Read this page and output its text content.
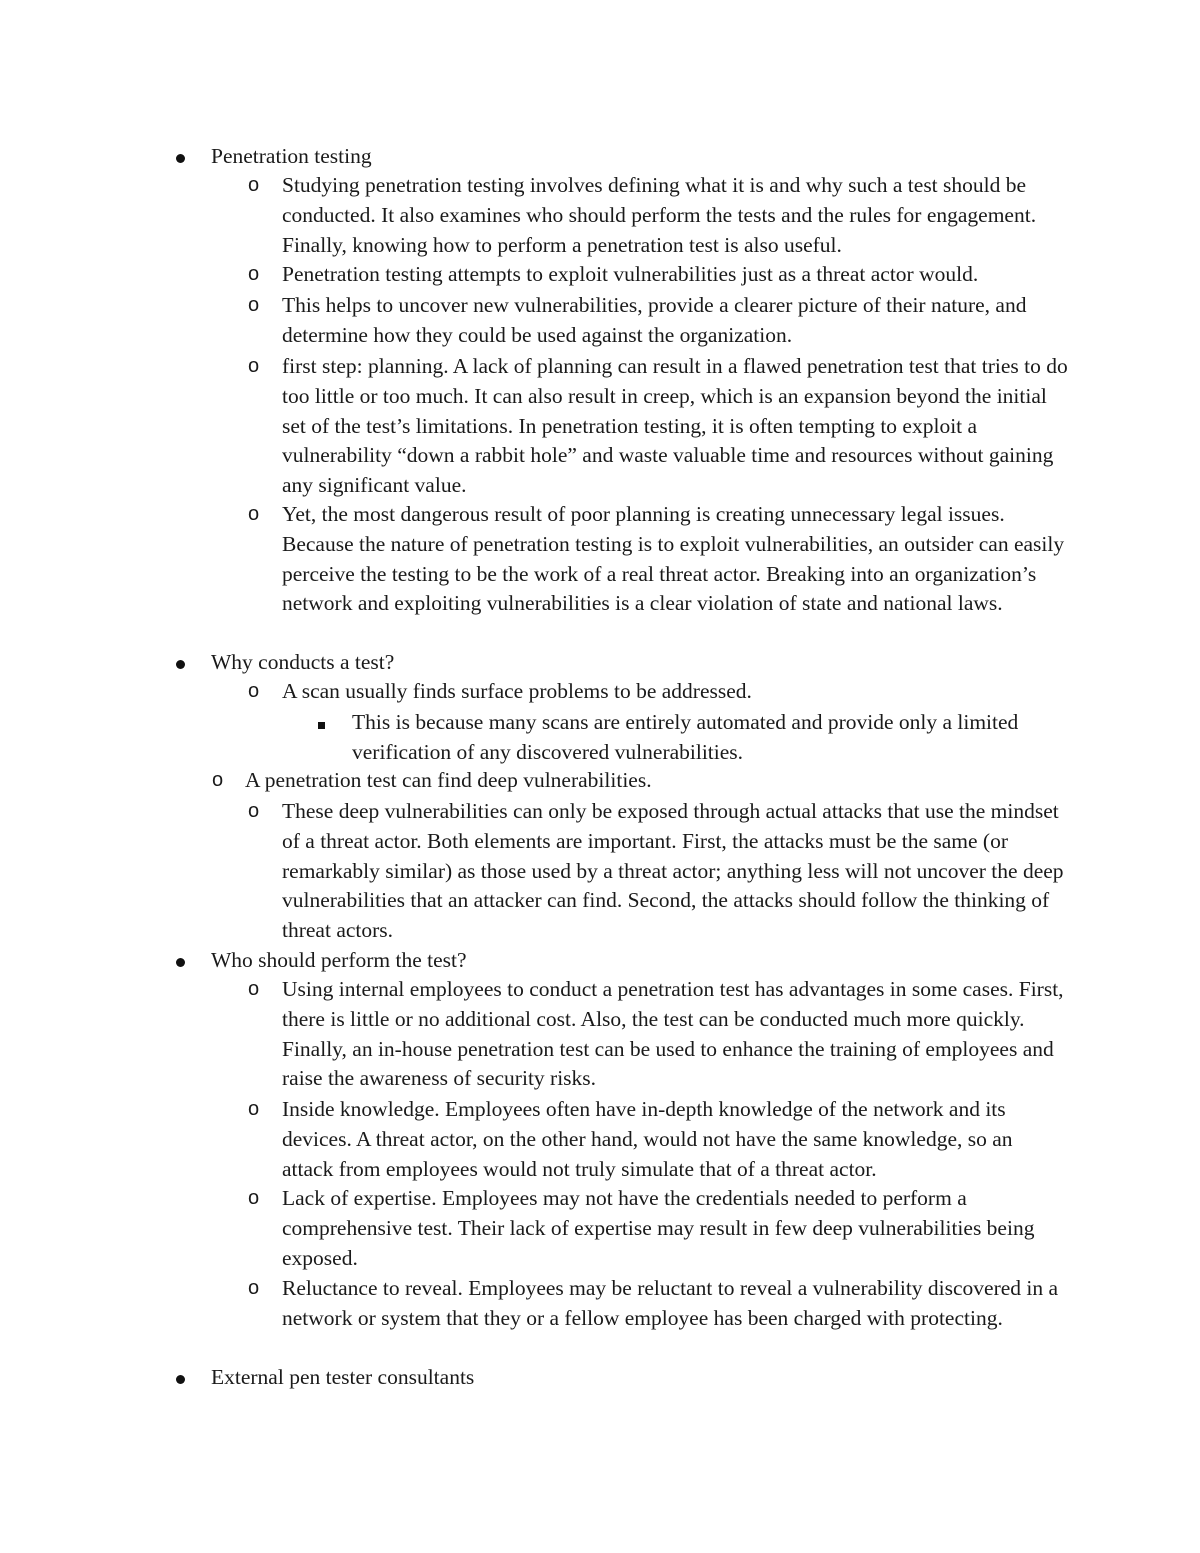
Penetration testing
o Studying penetration testing involves defining what it is and why such a test should be conducted. It also examines who should perform the tests and the rules for engagement. Finally, knowing how to perform a penetration test is also useful.
o Penetration testing attempts to exploit vulnerabilities just as a threat actor would.
o This helps to uncover new vulnerabilities, provide a clearer picture of their nature, and determine how they could be used against the organization.
o first step: planning. A lack of planning can result in a flawed penetration test that tries to do too little or too much. It can also result in creep, which is an expansion beyond the initial set of the test’s limitations. In penetration testing, it is often tempting to exploit a vulnerability “down a rabbit hole” and waste valuable time and resources without gaining any significant value.
o Yet, the most dangerous result of poor planning is creating unnecessary legal issues. Because the nature of penetration testing is to exploit vulnerabilities, an outsider can easily perceive the testing to be the work of a real threat actor. Breaking into an organization’s network and exploiting vulnerabilities is a clear violation of state and national laws.
Why conducts a test?
o A scan usually finds surface problems to be addressed.
This is because many scans are entirely automated and provide only a limited verification of any discovered vulnerabilities.
o A penetration test can find deep vulnerabilities.
o These deep vulnerabilities can only be exposed through actual attacks that use the mindset of a threat actor. Both elements are important. First, the attacks must be the same (or remarkably similar) as those used by a threat actor; anything less will not uncover the deep vulnerabilities that an attacker can find. Second, the attacks should follow the thinking of threat actors.
Who should perform the test?
o Using internal employees to conduct a penetration test has advantages in some cases. First, there is little or no additional cost. Also, the test can be conducted much more quickly. Finally, an in-house penetration test can be used to enhance the training of employees and raise the awareness of security risks.
o Inside knowledge. Employees often have in-depth knowledge of the network and its devices. A threat actor, on the other hand, would not have the same knowledge, so an attack from employees would not truly simulate that of a threat actor.
o Lack of expertise. Employees may not have the credentials needed to perform a comprehensive test. Their lack of expertise may result in few deep vulnerabilities being exposed.
o Reluctance to reveal. Employees may be reluctant to reveal a vulnerability discovered in a network or system that they or a fellow employee has been charged with protecting.
External pen tester consultants
